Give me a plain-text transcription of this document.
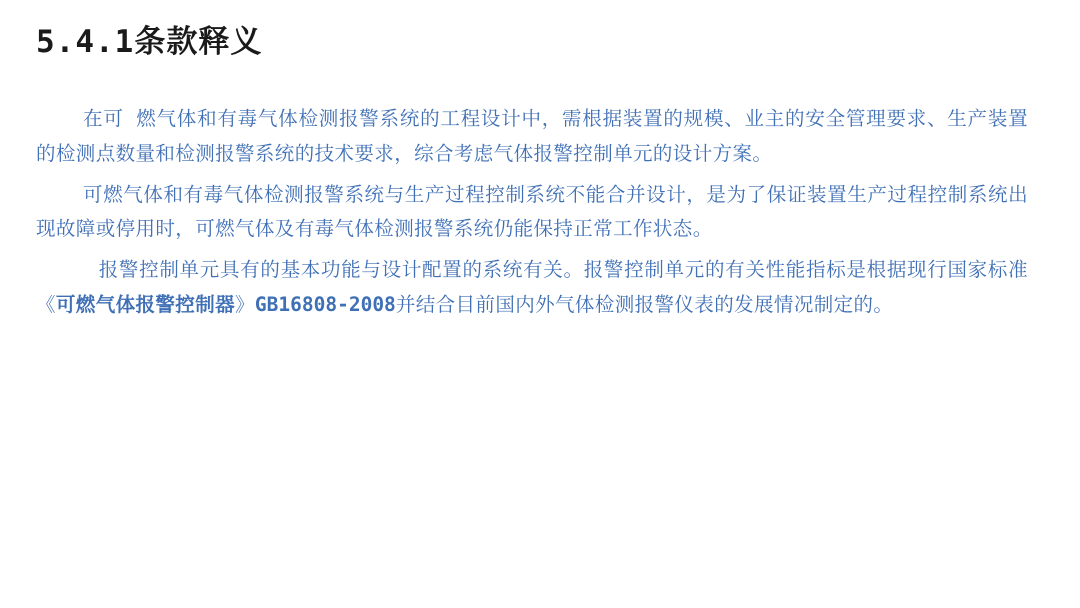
5.4.1条款释义

在可 燃气体和有毒气体检测报警系统的工程设计中，需根据装置的规模、业主的安全管理要求、生产装置的检测点数量和检测报警系统的技术要求，综合考虑气体报警控制单元的设计方案。

可燃气体和有毒气体检测报警系统与生产过程控制系统不能合并设计，是为了保证装置生产过程控制系统出现故障或停用时，可燃气体及有毒气体检测报警系统仍能保持正常工作状态。

报警控制单元具有的基本功能与设计配置的系统有关。报警控制单元的有关性能指标是根据现行国家标准《可燃气体报警控制器》GB16808-2008并结合目前国内外气体检测报警仪表的发展情况制定的。
